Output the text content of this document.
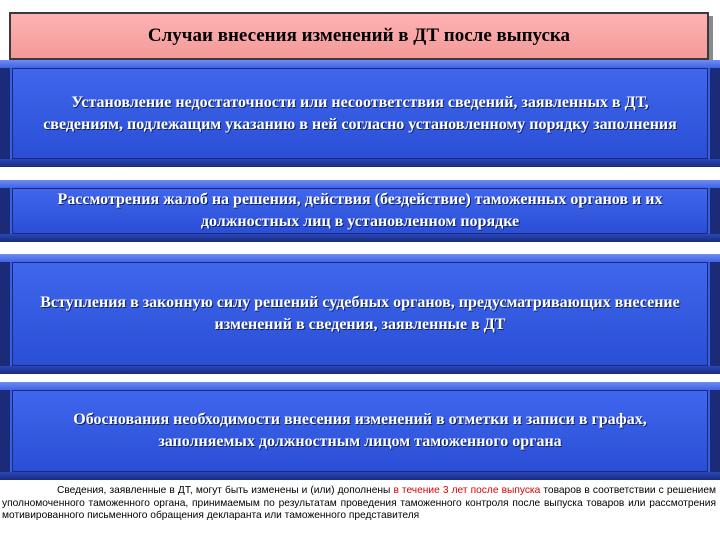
Случаи внесения изменений в ДТ после выпуска
Установление недостаточности или несоответствия сведений, заявленных в ДТ, сведениям, подлежащим указанию в ней согласно установленному порядку заполнения
Рассмотрения жалоб на решения, действия (бездействие) таможенных органов и их должностных лиц в установленном порядке
Вступления в законную силу решений судебных органов, предусматривающих внесение изменений в сведения, заявленные в ДТ
Обоснования необходимости внесения изменений в отметки и записи в графах, заполняемых должностным лицом таможенного органа
Сведения, заявленные в ДТ, могут быть изменены и (или) дополнены в течение 3 лет после выпуска товаров в соответствии с решением уполномоченного таможенного органа, принимаемым по результатам проведения таможенного контроля после выпуска товаров или рассмотрения мотивированного письменного обращения декларанта или таможенного представителя
